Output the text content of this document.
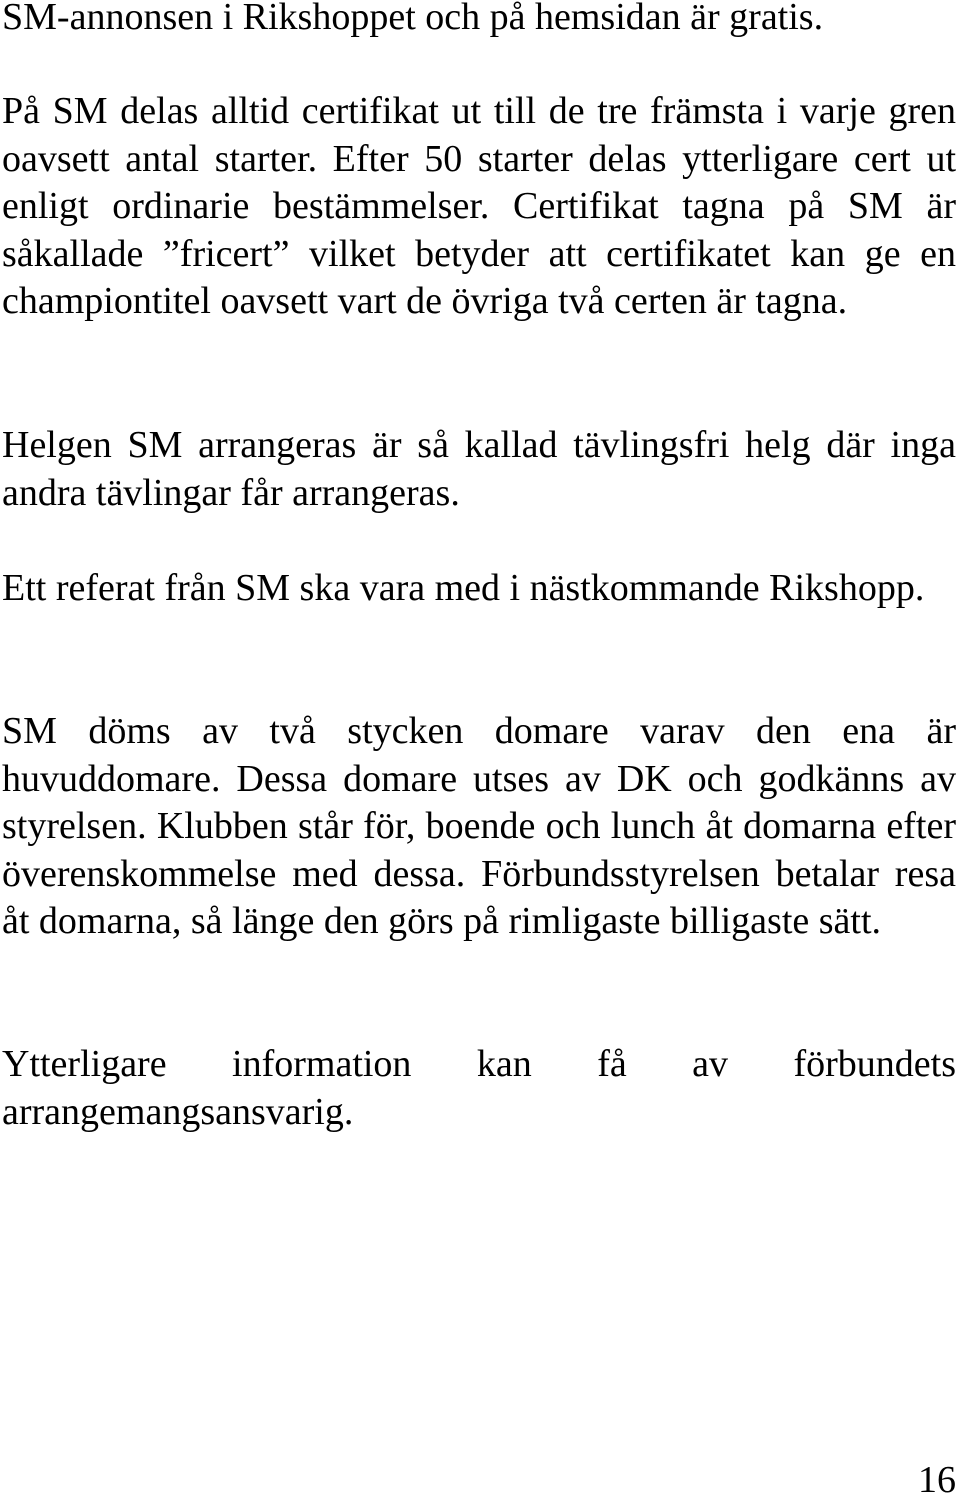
SM-annonsen i Rikshoppet och på hemsidan är gratis.

På SM delas alltid certifikat ut till de tre främsta i varje gren oavsett antal starter. Efter 50 starter delas ytterligare cert ut enligt ordinarie bestämmelser. Certifikat tagna på SM är såkallade ”fricert” vilket betyder att certifikatet kan ge en championtitel oavsett vart de övriga två certen är tagna.

Helgen SM arrangeras är så kallad tävlingsfri helg där inga andra tävlingar får arrangeras.

Ett referat från SM ska vara med i nästkommande Rikshopp.

SM döms av två stycken domare varav den ena är huvuddomare. Dessa domare utses av DK och godkänns av styrelsen. Klubben står för, boende och lunch åt domarna efter överenskommelse med dessa. Förbundsstyrelsen betalar resa åt domarna, så länge den görs på rimligaste billigaste sätt.

Ytterligare information kan få av förbundets arrangemangsansvarig.

16
